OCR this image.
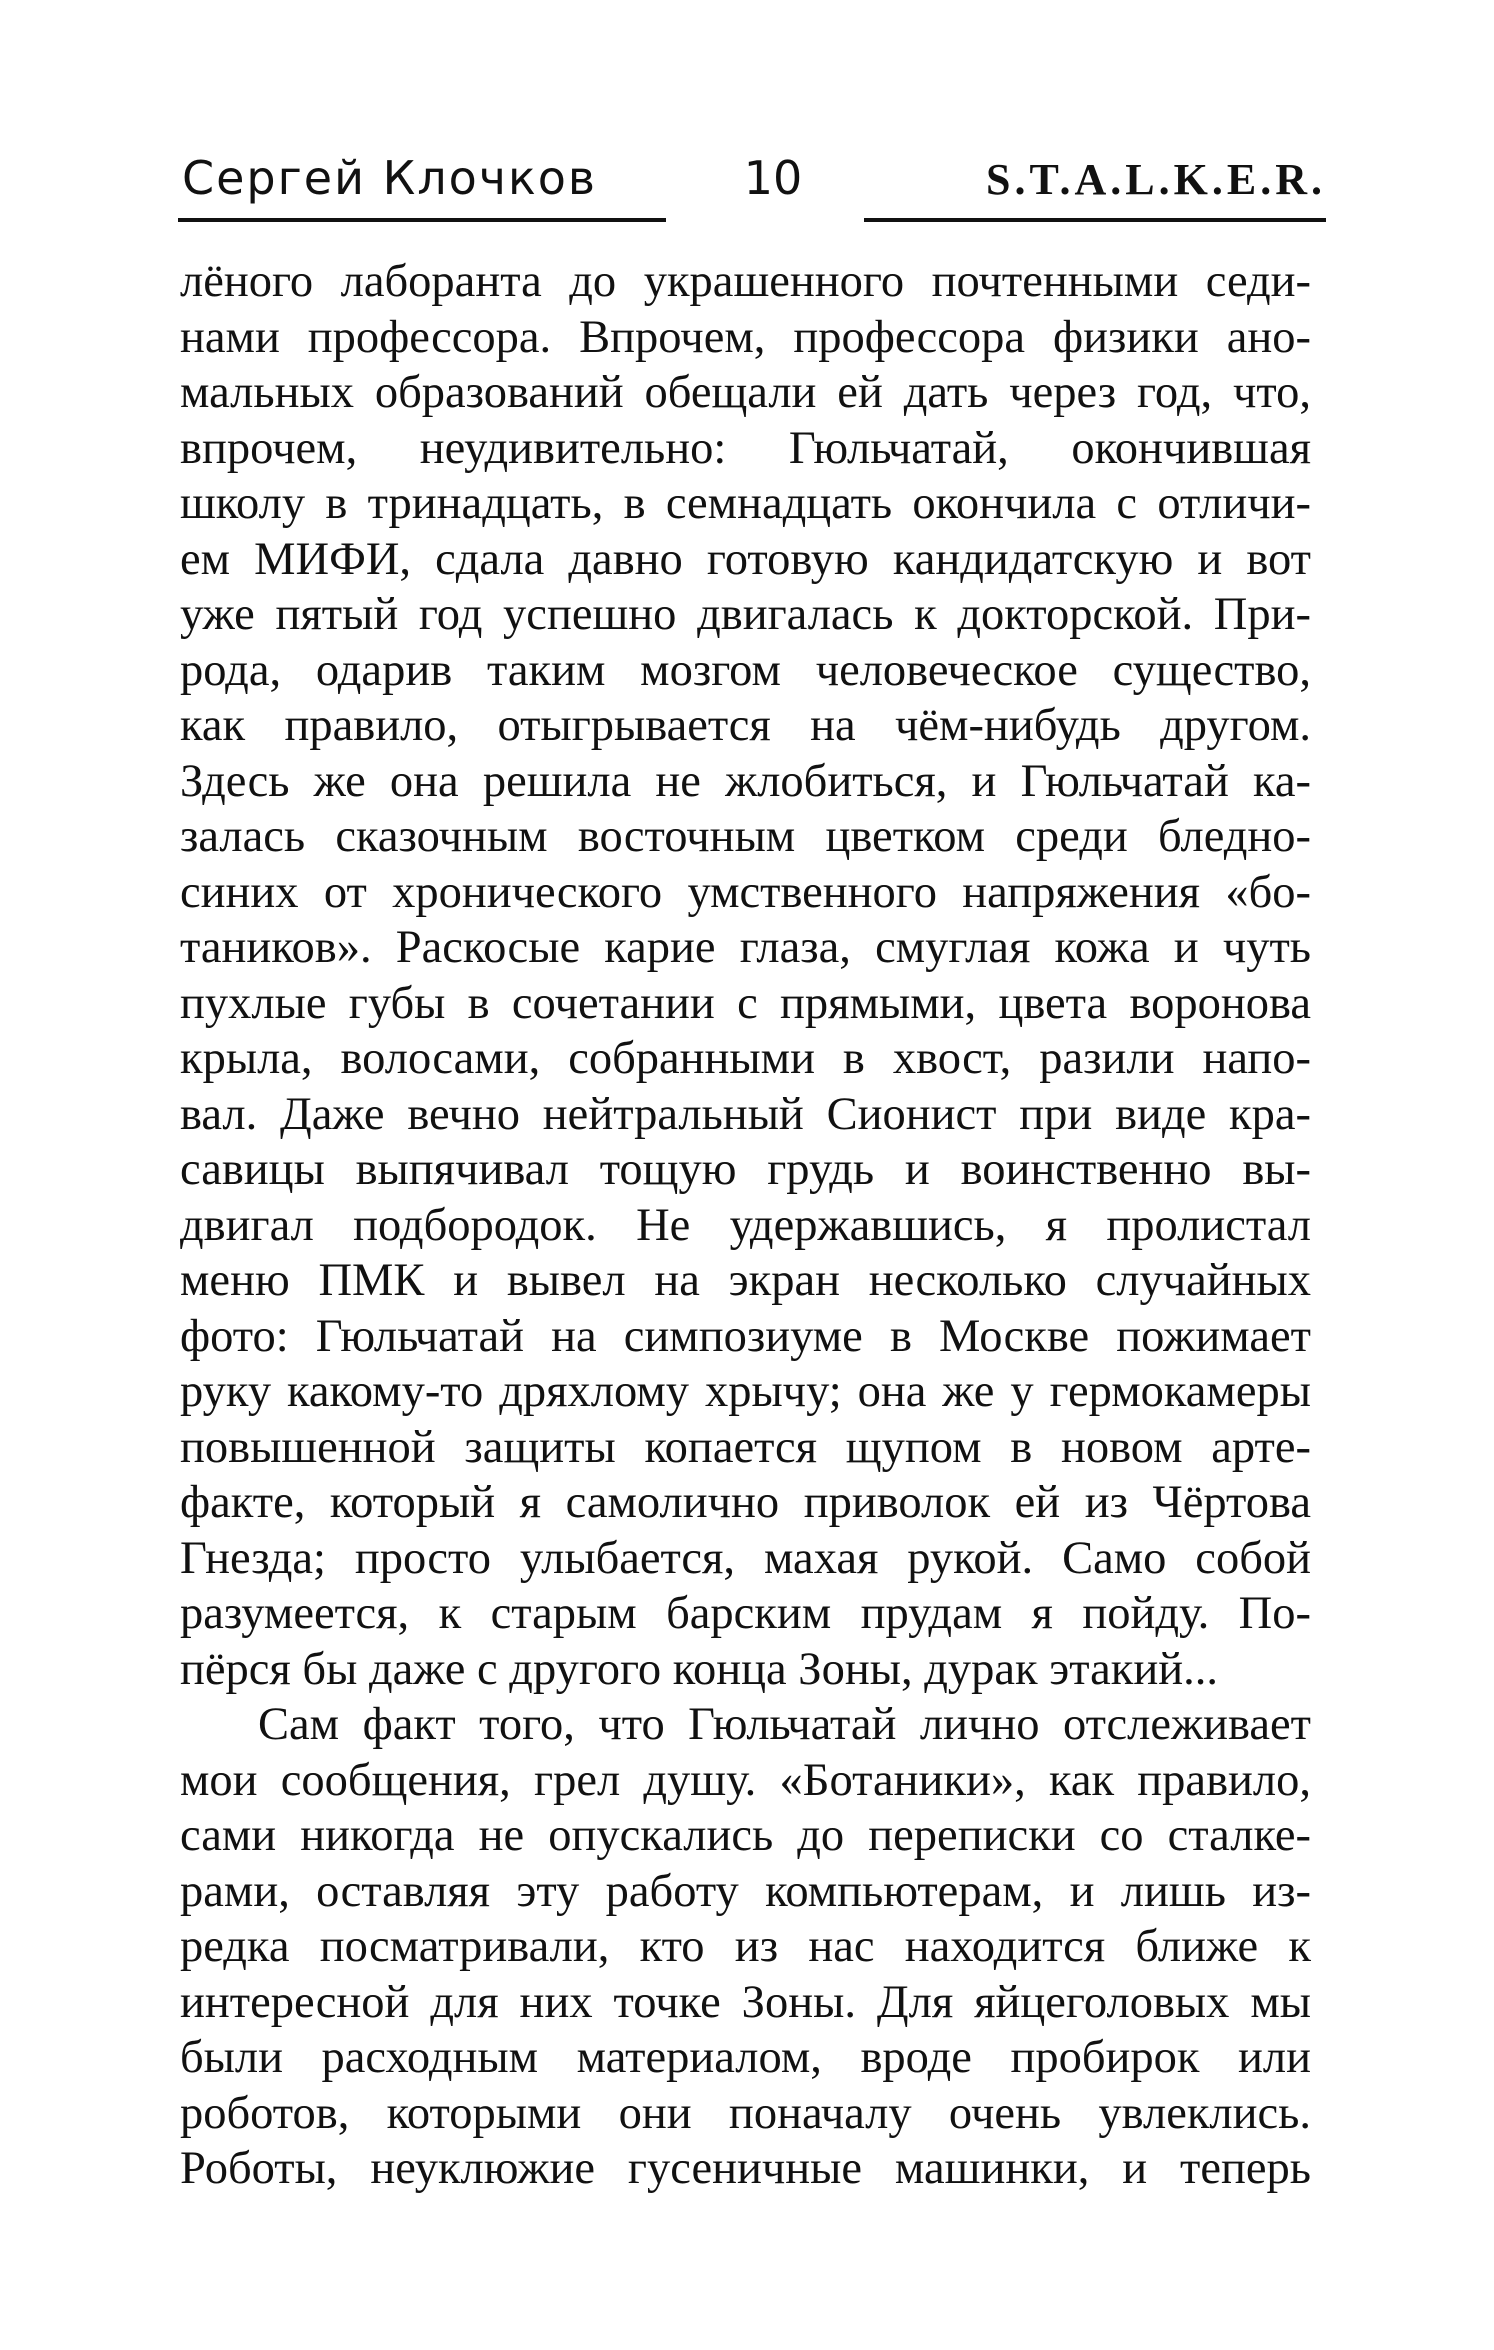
Сергей Клочков	10	S.T.A.L.K.E.R.
лёного лаборанта до украшенного почтенными седи-
нами профессора. Впрочем, профессора физики ано-
мальных образований обещали ей дать через год, что,
впрочем, неудивительно: Гюльчатай, окончившая
школу в тринадцать, в семнадцать окончила с отличи-
ем МИФИ, сдала давно готовую кандидатскую и вот
уже пятый год успешно двигалась к докторской. При-
рода, одарив таким мозгом человеческое существо,
как правило, отыгрывается на чём-нибудь другом.
Здесь же она решила не жлобиться, и Гюльчатай ка-
залась сказочным восточным цветком среди бледно-
синих от хронического умственного напряжения «бо-
таников». Раскосые карие глаза, смуглая кожа и чуть
пухлые губы в сочетании с прямыми, цвета воронова
крыла, волосами, собранными в хвост, разили напо-
вал. Даже вечно нейтральный Сионист при виде кра-
савицы выпячивал тощую грудь и воинственно вы-
двигал подбородок. Не удержавшись, я пролистал
меню ПМК и вывел на экран несколько случайных
фото: Гюльчатай на симпозиуме в Москве пожимает
руку какому-то дряхлому хрычу; она же у гермокамеры
повышенной защиты копается щупом в новом арте-
факте, который я самолично приволок ей из Чёртова
Гнезда; просто улыбается, махая рукой. Само собой
разумеется, к старым барским прудам я пойду. По-
пёрся бы даже с другого конца Зоны, дурак этакий...
Сам факт того, что Гюльчатай лично отслеживает
мои сообщения, грел душу. «Ботаники», как правило,
сами никогда не опускались до переписки со сталке-
рами, оставляя эту работу компьютерам, и лишь из-
редка посматривали, кто из нас находится ближе к
интересной для них точке Зоны. Для яйцеголовых мы
были расходным материалом, вроде пробирок или
роботов, которыми они поначалу очень увлеклись.
Роботы, неуклюжие гусеничные машинки, и теперь
